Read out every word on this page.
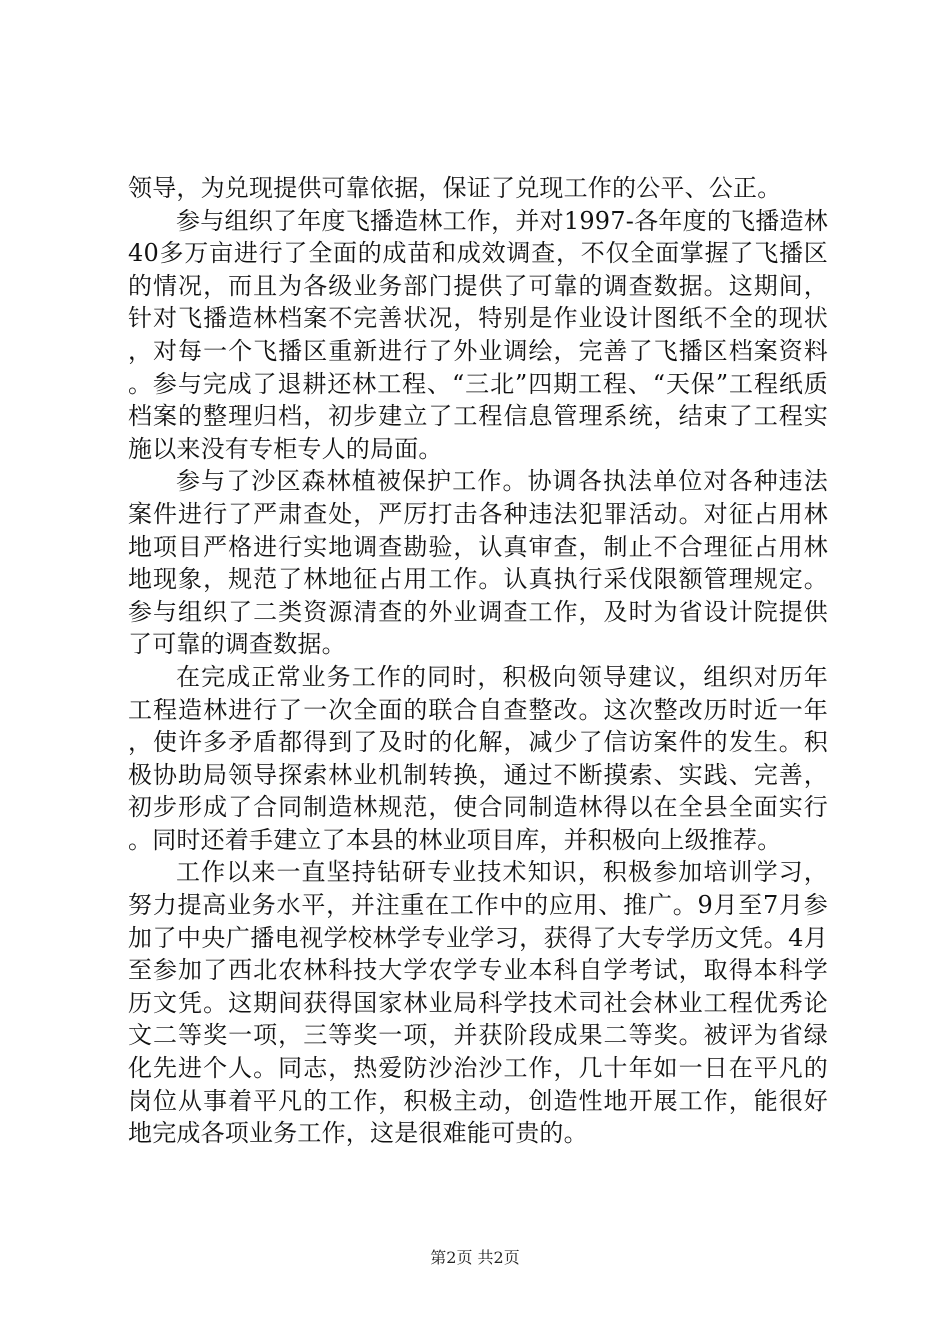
领导，为兑现提供可靠依据，保证了兑现工作的公平、公正。

参与组织了年度飞播造林工作，并对1997-各年度的飞播造林40多万亩进行了全面的成苗和成效调查，不仅全面掌握了飞播区的情况，而且为各级业务部门提供了可靠的调查数据。这期间，针对飞播造林档案不完善状况，特别是作业设计图纸不全的现状，对每一个飞播区重新进行了外业调绘，完善了飞播区档案资料。参与完成了退耕还林工程、“三北”四期工程、“天保”工程纸质档案的整理归档，初步建立了工程信息管理系统，结束了工程实施以来没有专柜专人的局面。

参与了沙区森林植被保护工作。协调各执法单位对各种违法案件进行了严肃查处，严厉打击各种违法犯罪活动。对征占用林地项目严格进行实地调查勘验，认真审查，制止不合理征占用林地现象，规范了林地征占用工作。认真执行采伐限额管理规定。参与组织了二类资源清查的外业调查工作，及时为省设计院提供了可靠的调查数据。

在完成正常业务工作的同时，积极向领导建议，组织对历年工程造林进行了一次全面的联合自查整改。这次整改历时近一年，使许多矛盾都得到了及时的化解，减少了信访案件的发生。积极协助局领导探索林业机制转换，通过不断摸索、实践、完善，初步形成了合同制造林规范，使合同制造林得以在全县全面实行。同时还着手建立了本县的林业项目库，并积极向上级推荐。

工作以来一直坚持钻研专业技术知识，积极参加培训学习，努力提高业务水平，并注重在工作中的应用、推广。9月至7月参加了中央广播电视学校林学专业学习，获得了大专学历文凭。4月至参加了西北农林科技大学农学专业本科自学考试，取得本科学历文凭。这期间获得国家林业局科学技术司社会林业工程优秀论文二等奖一项，三等奖一项，并获阶段成果二等奖。被评为省绿化先进个人。同志，热爱防沙治沙工作，几十年如一日在平凡的岗位从事着平凡的工作，积极主动，创造性地开展工作，能很好地完成各项业务工作，这是很难能可贵的。

第2页 共2页
